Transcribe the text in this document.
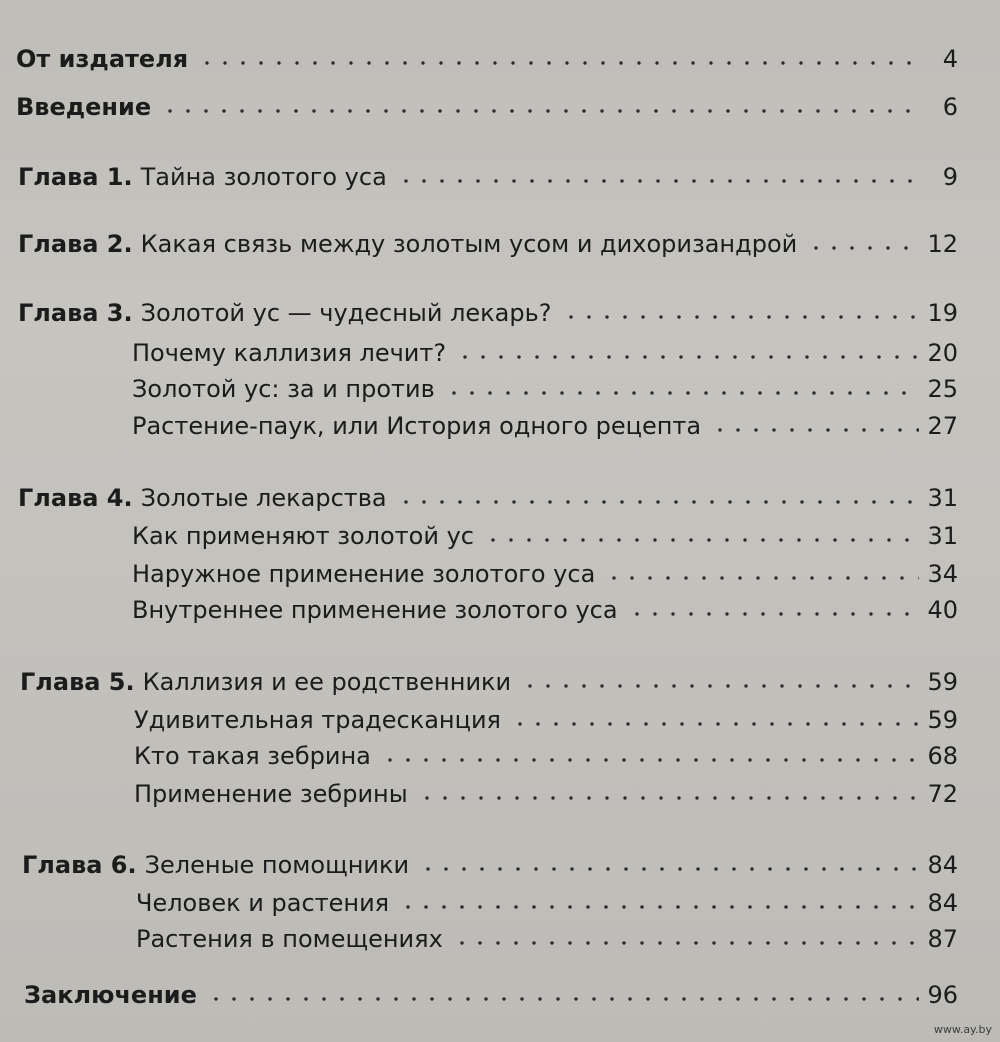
От издателя	4
Введение	6
Глава 1. Тайна золотого уса	9
Глава 2. Какая связь между золотым усом и дихоризандрой	12
Глава 3. Золотой ус — чудесный лекарь?	19
Почему каллизия лечит?	20
Золотой ус: за и против	25
Растение-паук, или История одного рецепта	27
Глава 4. Золотые лекарства	31
Как применяют золотой ус	31
Наружное применение золотого уса	34
Внутреннее применение золотого уса	40
Глава 5. Каллизия и ее родственники	59
Удивительная традесканция	59
Кто такая зебрина	68
Применение зебрины	72
Глава 6. Зеленые помощники	84
Человек и растения	84
Растения в помещениях	87
Заключение	96
www.ay.by
